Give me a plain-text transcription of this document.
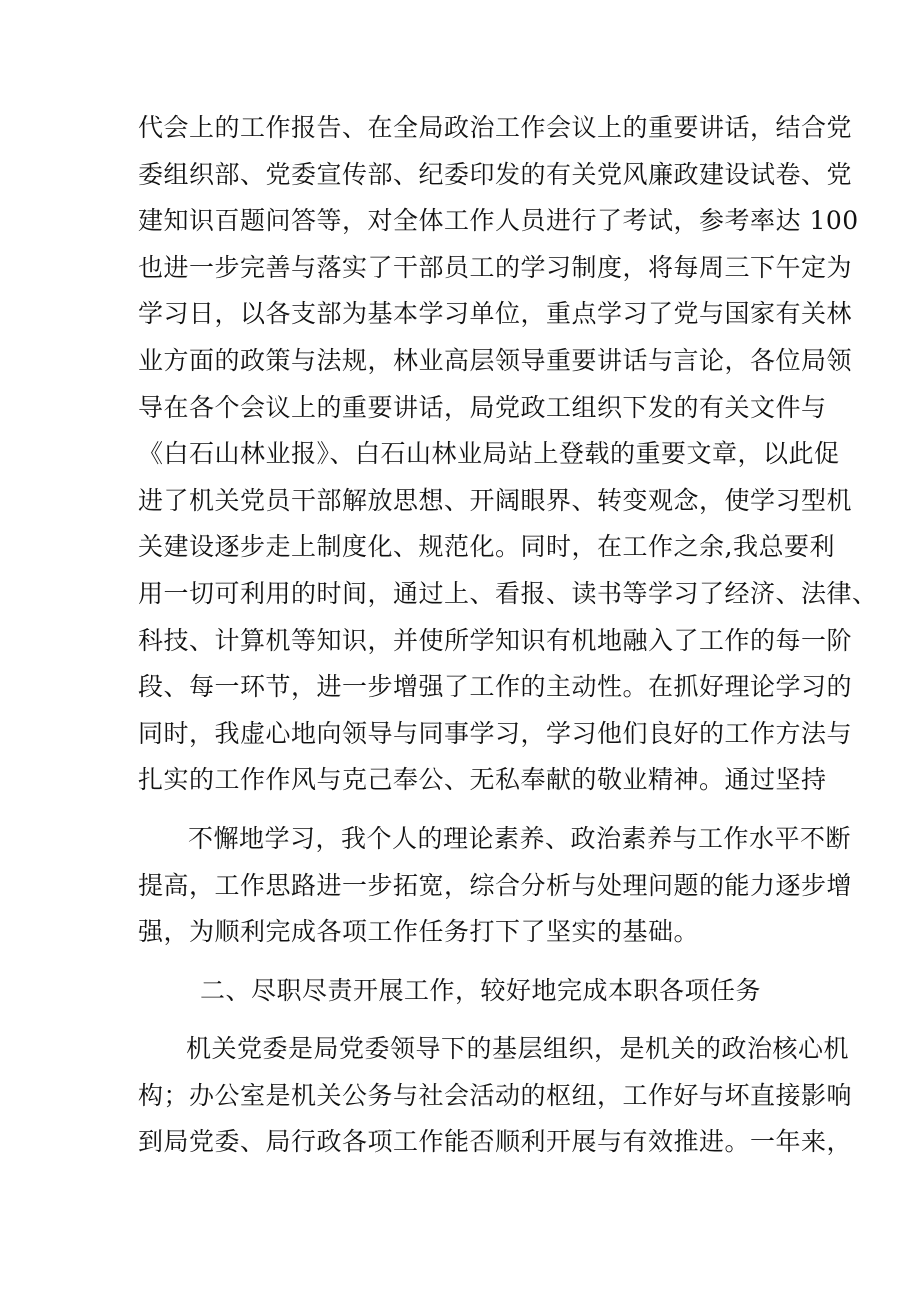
代会上的工作报告、在全局政治工作会议上的重要讲话，结合党
委组织部、党委宣传部、纪委印发的有关党风廉政建设试卷、党
建知识百题问答等，对全体工作人员进行了考试，参考率达 100
也进一步完善与落实了干部员工的学习制度，将每周三下午定为
学习日，以各支部为基本学习单位，重点学习了党与国家有关林
业方面的政策与法规，林业高层领导重要讲话与言论，各位局领
导在各个会议上的重要讲话，局党政工组织下发的有关文件与
《白石山林业报》、白石山林业局站上登载的重要文章，以此促
进了机关党员干部解放思想、开阔眼界、转变观念，使学习型机
关建设逐步走上制度化、规范化。同时，在工作之余,我总要利
用一切可利用的时间，通过上、看报、读书等学习了经济、法律、
科技、计算机等知识，并使所学知识有机地融入了工作的每一阶
段、每一环节，进一步增强了工作的主动性。在抓好理论学习的
同时，我虚心地向领导与同事学习，学习他们良好的工作方法与
扎实的工作作风与克己奉公、无私奉献的敬业精神。通过坚持
不懈地学习，我个人的理论素养、政治素养与工作水平不断
提高，工作思路进一步拓宽，综合分析与处理问题的能力逐步增
强，为顺利完成各项工作任务打下了坚实的基础。
二、尽职尽责开展工作，较好地完成本职各项任务
机关党委是局党委领导下的基层组织，是机关的政治核心机
构；办公室是机关公务与社会活动的枢纽，工作好与坏直接影响
到局党委、局行政各项工作能否顺利开展与有效推进。一年来，
